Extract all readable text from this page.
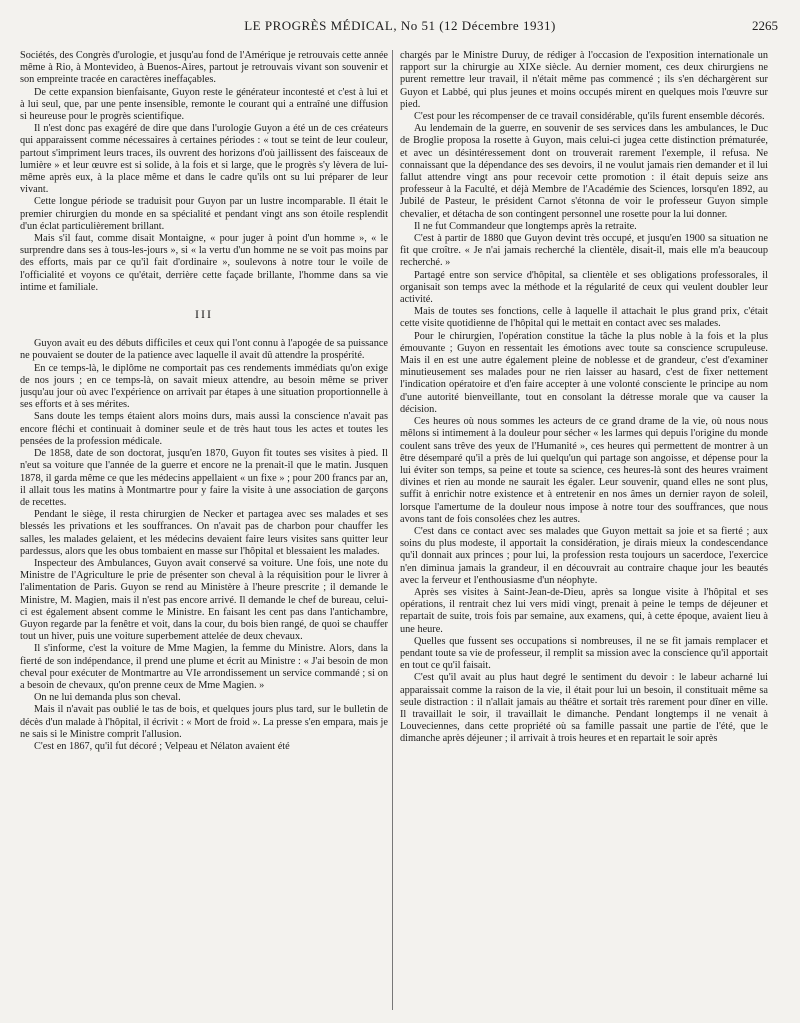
LE PROGRÈS MÉDICAL, No 51 (12 Décembre 1931)	2265

Sociétés, des Congrès d'urologie, et jusqu'au fond de l'Amérique je retrouvais cette année même à Rio, à Montevideo, à Buenos-Aires, partout je retrouvais vivant son souvenir et son empreinte tracée en caractères ineffaçables.

De cette expansion bienfaisante, Guyon reste le générateur incontesté et c'est à lui et à lui seul, que, par une pente insensible, remonte le courant qui a entraîné une diffusion si heureuse pour le progrès scientifique.

Il n'est donc pas exagéré de dire que dans l'urologie Guyon a été un de ces créateurs qui apparaissent comme nécessaires à certaines périodes : « tout se teint de leur couleur, partout s'impriment leurs traces, ils ouvrent des horizons d'où jaillissent des faisceaux de lumière » et leur œuvre est si solide, à la fois et si large, que le progrès s'y lèvera de lui-même après eux, à la place même et dans le cadre qu'ils ont su lui préparer de leur vivant.

Cette longue période se traduisit pour Guyon par un lustre incomparable. Il était le premier chirurgien du monde en sa spécialité et pendant vingt ans son étoile resplendit d'un éclat particulièrement brillant.

Mais s'il faut, comme disait Montaigne, « pour juger à point d'un homme », « le surprendre dans ses à tous-les-jours », si « la vertu d'un homme ne se voit pas moins par des efforts, mais par ce qu'il fait d'ordinaire », soulevons à notre tour le voile de l'officialité et voyons ce qu'était, derrière cette façade brillante, l'homme dans sa vie intime et familiale.

III

Guyon avait eu des débuts difficiles et ceux qui l'ont connu à l'apogée de sa puissance ne pouvaient se douter de la patience avec laquelle il avait dû attendre la prospérité.

En ce temps-là, le diplôme ne comportait pas ces rendements immédiats qu'on exige de nos jours ; en ce temps-là, on savait mieux attendre, au besoin même se priver jusqu'au jour où avec l'expérience on arrivait par étapes à une situation proportionnelle à ses efforts et à ses mérites.

Sans doute les temps étaient alors moins durs, mais aussi la conscience n'avait pas encore fléchi et continuait à dominer seule et de très haut tous les actes et toutes les pensées de la profession médicale.

De 1858, date de son doctorat, jusqu'en 1870, Guyon fit toutes ses visites à pied. Il n'eut sa voiture que l'année de la guerre et encore ne la prenait-il que le matin. Jusquen 1878, il garda même ce que les médecins appellaient « un fixe » ; pour 200 francs par an, il allait tous les matins à Montmartre pour y faire la visite à une association de garçons de recettes.

Pendant le siège, il resta chirurgien de Necker et partagea avec ses malades et ses blessés les privations et les souffrances. On n'avait pas de charbon pour chauffer les salles, les malades gelaient, et les médecins devaient faire leurs visites sans quitter leur pardessus, alors que les obus tombaient en masse sur l'hôpital et blessaient les malades.

Inspecteur des Ambulances, Guyon avait conservé sa voiture. Une fois, une note du Ministre de l'Agriculture le prie de présenter son cheval à la réquisition pour le livrer à l'alimentation de Paris. Guyon se rend au Ministère à l'heure prescrite ; il demande le Ministre, M. Magien, mais il n'est pas encore arrivé. Il demande le chef de bureau, celui-ci est également absent comme le Ministre. En faisant les cent pas dans l'antichambre, Guyon regarde par la fenêtre et voit, dans la cour, du bois bien rangé, de quoi se chauffer tout un hiver, puis une voiture superbement attelée de deux chevaux.

Il s'informe, c'est la voiture de Mme Magien, la femme du Ministre. Alors, dans la fierté de son indépendance, il prend une plume et écrit au Ministre : « J'ai besoin de mon cheval pour exécuter de Montmartre au VIe arrondissement un service commandé ; si on a besoin de chevaux, qu'on prenne ceux de Mme Magien. »

On ne lui demanda plus son cheval.

Mais il n'avait pas oublié le tas de bois, et quelques jours plus tard, sur le bulletin de décès d'un malade à l'hôpital, il écrivit : « Mort de froid ». La presse s'en empara, mais je ne sais si le Ministre comprit l'allusion.

C'est en 1867, qu'il fut décoré ; Velpeau et Nélaton avaient été

chargés par le Ministre Duruy, de rédiger à l'occasion de l'exposition internationale un rapport sur la chirurgie au XIXe siècle. Au dernier moment, ces deux chirurgiens ne purent remettre leur travail, il n'était même pas commencé ; ils s'en déchargèrent sur Guyon et Labbé, qui plus jeunes et moins occupés mirent en quelques mois l'œuvre sur pied.

C'est pour les récompenser de ce travail considérable, qu'ils furent ensemble décorés.

Au lendemain de la guerre, en souvenir de ses services dans les ambulances, le Duc de Broglie proposa la rosette à Guyon, mais celui-ci jugea cette distinction prématurée, et avec un désintéressement dont on trouverait rarement l'exemple, il refusa. Ne connaissant que la dépendance des ses devoirs, il ne voulut jamais rien demander et il lui fallut attendre vingt ans pour recevoir cette promotion : il était depuis seize ans professeur à la Faculté, et déjà Membre de l'Académie des Sciences, lorsqu'en 1892, au Jubilé de Pasteur, le président Carnot s'étonna de voir le professeur Guyon simple chevalier, et détacha de son contingent personnel une rosette pour la lui donner.

Il ne fut Commandeur que longtemps après la retraite.

C'est à partir de 1880 que Guyon devint très occupé, et jusqu'en 1900 sa situation ne fit que croître. « Je n'ai jamais recherché la clientèle, disait-il, mais elle m'a beaucoup recherché. »

Partagé entre son service d'hôpital, sa clientèle et ses obligations professorales, il organisait son temps avec la méthode et la régularité de ceux qui veulent doubler leur activité.

Mais de toutes ses fonctions, celle à laquelle il attachait le plus grand prix, c'était cette visite quotidienne de l'hôpital qui le mettait en contact avec ses malades.

Pour le chirurgien, l'opération constitue la tâche la plus noble à la fois et la plus émouvante ; Guyon en ressentait les émotions avec toute sa conscience scrupuleuse. Mais il en est une autre également pleine de noblesse et de grandeur, c'est d'examiner minutieusement ses malades pour ne rien laisser au hasard, c'est de fixer nettement l'indication opératoire et d'en faire accepter à une volonté consciente le principe au nom d'une autorité bienveillante, tout en consolant la détresse morale que va causer la décision.

Ces heures où nous sommes les acteurs de ce grand drame de la vie, où nous nous mêlons si intimement à la douleur pour sécher « les larmes qui depuis l'origine du monde coulent sans trêve des yeux de l'Humanité », ces heures qui permettent de montrer à un être désemparé qu'il a près de lui quelqu'un qui partage son angoisse, et dépense pour la lui éviter son temps, sa peine et toute sa science, ces heures-là sont des heures vraiment divines et rien au monde ne saurait les égaler. Leur souvenir, quand elles ne sont plus, suffit à enrichir notre existence et à entretenir en nos âmes un dernier rayon de soleil, lorsque l'amertume de la douleur nous impose à notre tour des souffrances, que nous avons tant de fois consolées chez les autres.

C'est dans ce contact avec ses malades que Guyon mettait sa joie et sa fierté ; aux soins du plus modeste, il apportait la considération, je dirais mieux la condescendance qu'il donnait aux princes ; pour lui, la profession resta toujours un sacerdoce, l'exercice n'en diminua jamais la grandeur, il en découvrait au contraire chaque jour les beautés avec la ferveur et l'enthousiasme d'un néophyte.

Après ses visites à Saint-Jean-de-Dieu, après sa longue visite à l'hôpital et ses opérations, il rentrait chez lui vers midi vingt, prenait à peine le temps de déjeuner et repartait de suite, trois fois par semaine, aux examens, qui, à cette époque, avaient lieu à une heure.

Quelles que fussent ses occupations si nombreuses, il ne se fit jamais remplacer et pendant toute sa vie de professeur, il remplit sa mission avec la conscience qu'il apportait en tout ce qu'il faisait.

C'est qu'il avait au plus haut degré le sentiment du devoir : le labeur acharné lui apparaissait comme la raison de la vie, il était pour lui un besoin, il constituait même sa seule distraction : il n'allait jamais au théâtre et sortait très rarement pour dîner en ville. Il travaillait le soir, il travaillait le dimanche. Pendant longtemps il ne venait à Louveciennes, dans cette propriété où sa famille passait une partie de l'été, que le dimanche après déjeuner ; il arrivait à trois heures et en repartait le soir après
